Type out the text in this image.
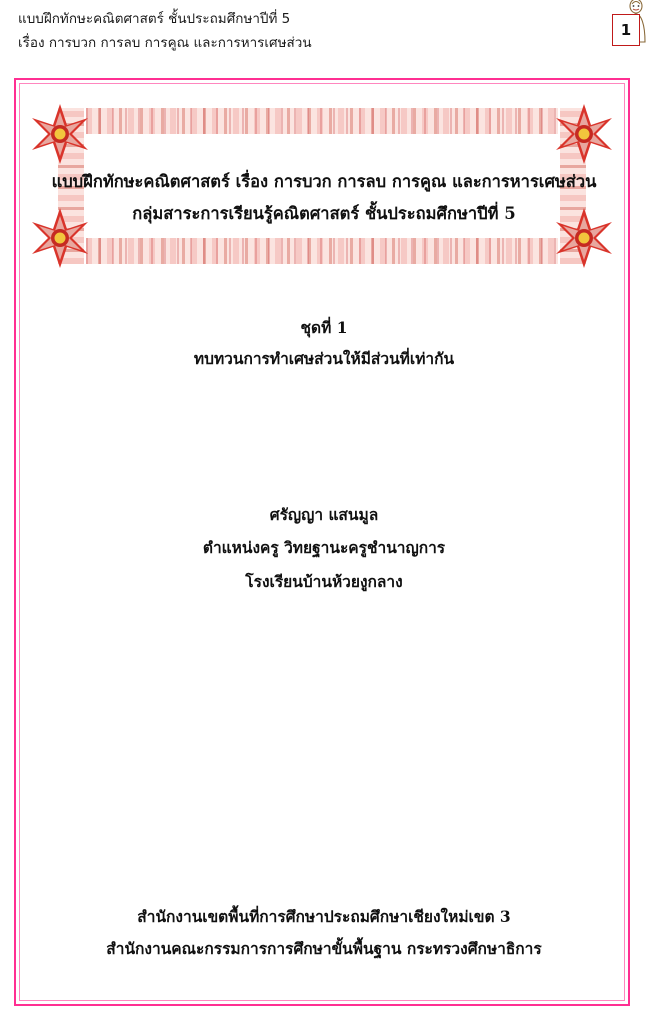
แบบฝึกทักษะคณิตศาสตร์ ชั้นประถมศึกษาปีที่ 5
เรื่อง การบวก การลบ การคูณ และการหารเศษส่วน
1
แบบฝึกทักษะคณิตศาสตร์ เรื่อง การบวก การลบ การคูณ และการหารเศษส่วน
กลุ่มสาระการเรียนรู้คณิตศาสตร์ ชั้นประถมศึกษาปีที่ 5
ชุดที่ 1
ทบทวนการทำเศษส่วนให้มีส่วนที่เท่ากัน
ศรัญญา แสนมูล
ตำแหน่งครู วิทยฐานะครูชำนาญการ
โรงเรียนบ้านห้วยงูกลาง
สำนักงานเขตพื้นที่การศึกษาประถมศึกษาเชียงใหม่เขต 3
สำนักงานคณะกรรมการการศึกษาขั้นพื้นฐาน กระทรวงศึกษาธิการ
